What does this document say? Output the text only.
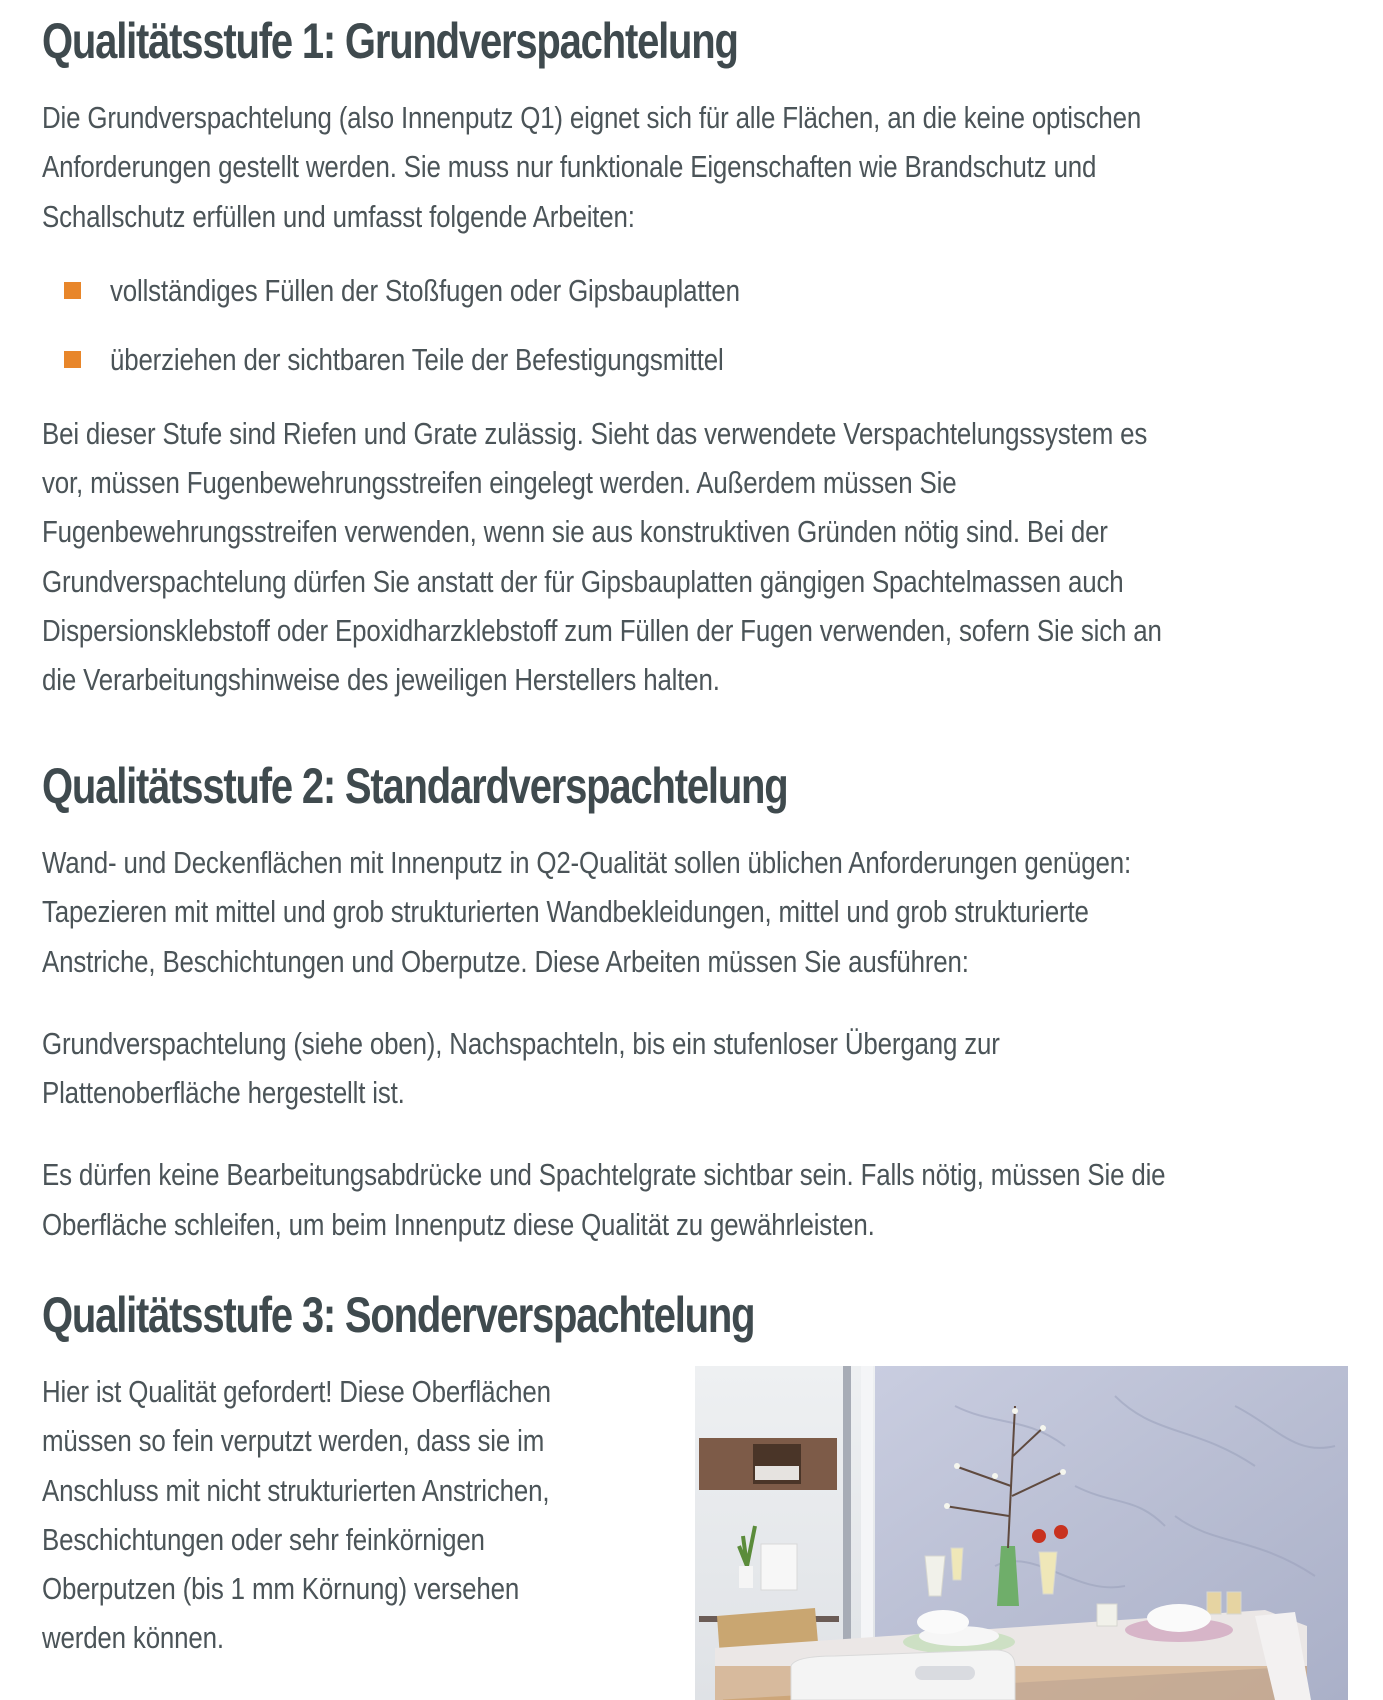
Qualitätsstufe 1: Grundverspachtelung
Die Grundverspachtelung (also Innenputz Q1) eignet sich für alle Flächen, an die keine optischen
Anforderungen gestellt werden. Sie muss nur funktionale Eigenschaften wie Brandschutz und
Schallschutz erfüllen und umfasst folgende Arbeiten:
vollständiges Füllen der Stoßfugen oder Gipsbauplatten
überziehen der sichtbaren Teile der Befestigungsmittel
Bei dieser Stufe sind Riefen und Grate zulässig. Sieht das verwendete Verspachtelungssystem es
vor, müssen Fugenbewehrungsstreifen eingelegt werden. Außerdem müssen Sie
Fugenbewehrungsstreifen verwenden, wenn sie aus konstruktiven Gründen nötig sind. Bei der
Grundverspachtelung dürfen Sie anstatt der für Gipsbauplatten gängigen Spachtelmassen auch
Dispersionsklebstoff oder Epoxidharzklebstoff zum Füllen der Fugen verwenden, sofern Sie sich an
die Verarbeitungshinweise des jeweiligen Herstellers halten.
Qualitätsstufe 2: Standardverspachtelung
Wand- und Deckenflächen mit Innenputz in Q2-Qualität sollen üblichen Anforderungen genügen:
Tapezieren mit mittel und grob strukturierten Wandbekleidungen, mittel und grob strukturierte
Anstriche, Beschichtungen und Oberputze. Diese Arbeiten müssen Sie ausführen:
Grundverspachtelung (siehe oben), Nachspachteln, bis ein stufenloser Übergang zur
Plattenoberfläche hergestellt ist.
Es dürfen keine Bearbeitungsabdrücke und Spachtelgrate sichtbar sein. Falls nötig, müssen Sie die
Oberfläche schleifen, um beim Innenputz diese Qualität zu gewährleisten.
Qualitätsstufe 3: Sonderverspachtelung
Hier ist Qualität gefordert! Diese Oberflächen
müssen so fein verputzt werden, dass sie im
Anschluss mit nicht strukturierten Anstrichen,
Beschichtungen oder sehr feinkörnigen
Oberputzen (bis 1 mm Körnung) versehen
werden können.
